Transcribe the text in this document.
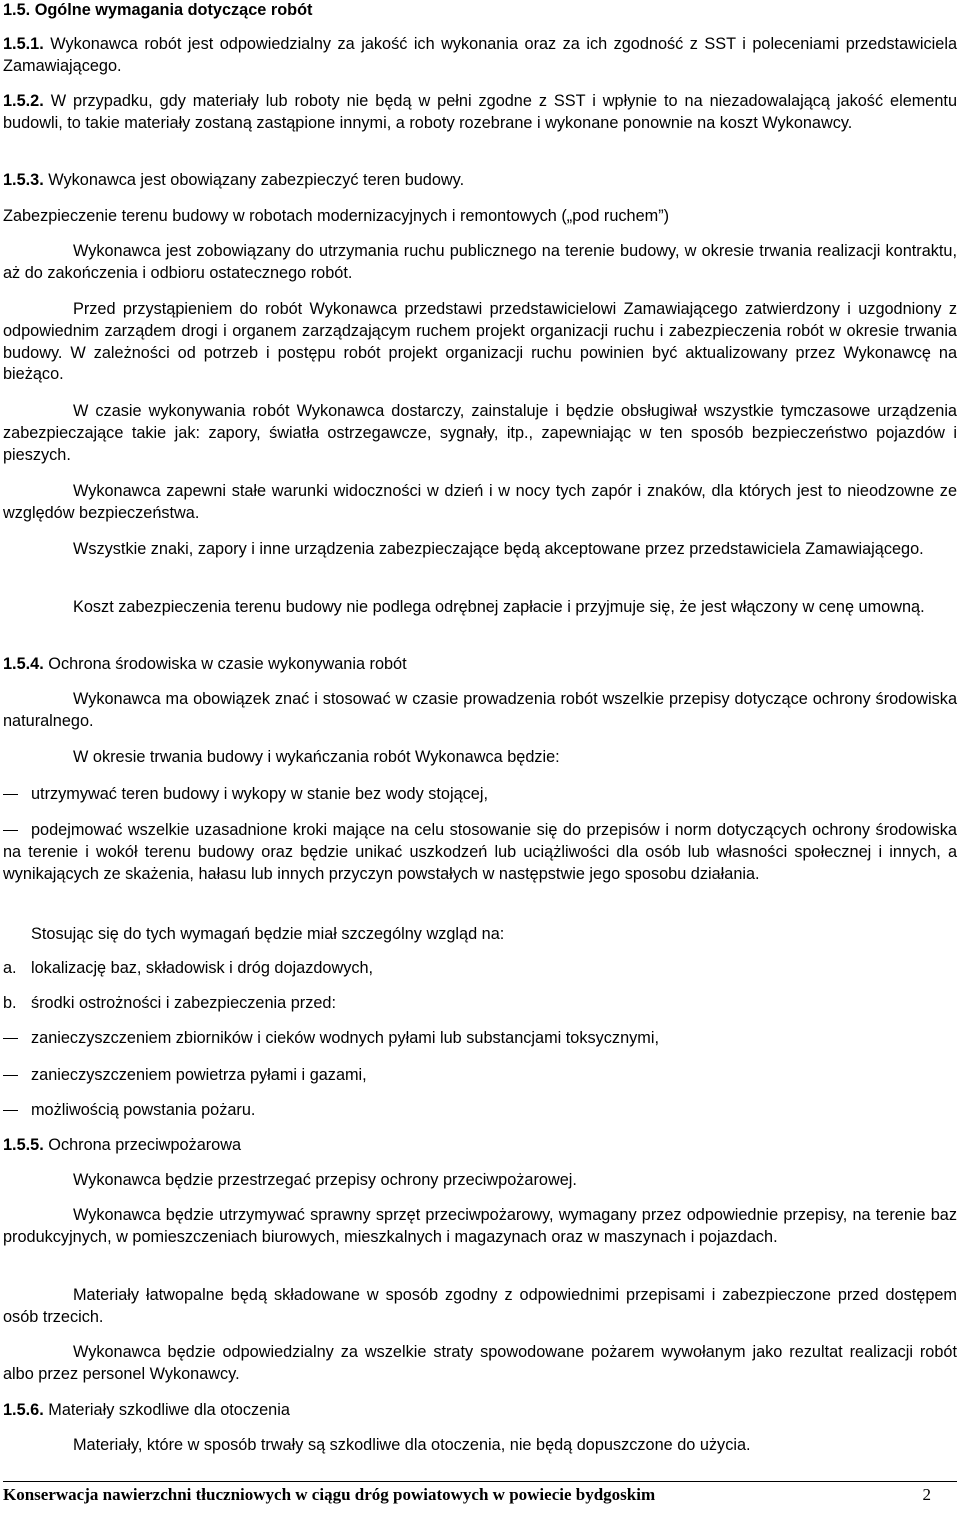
1.5. Ogólne wymagania dotyczące robót

1.5.1. Wykonawca robót jest odpowiedzialny za jakość ich wykonania oraz za ich zgodność z SST i poleceniami przedstawiciela Zamawiającego.

1.5.2. W przypadku, gdy materiały lub roboty nie będą w pełni zgodne z SST i wpłynie to na niezadowalającą jakość elementu budowli, to takie materiały zostaną zastąpione innymi, a roboty rozebrane i wykonane ponownie na koszt Wykonawcy.

1.5.3. Wykonawca jest obowiązany zabezpieczyć teren budowy.

Zabezpieczenie terenu budowy w robotach modernizacyjnych i remontowych („pod ruchem”)

Wykonawca jest zobowiązany do utrzymania ruchu publicznego na terenie budowy, w okresie trwania realizacji kontraktu, aż do zakończenia i odbioru ostatecznego robót.

Przed przystąpieniem do robót Wykonawca przedstawi przedstawicielowi Zamawiającego zatwierdzony i uzgodniony z odpowiednim zarządem drogi i organem zarządzającym ruchem projekt organizacji ruchu i zabezpieczenia robót w okresie trwania budowy. W zależności od potrzeb i postępu robót projekt organizacji ruchu powinien być aktualizowany przez Wykonawcę na bieżąco.

W czasie wykonywania robót Wykonawca dostarczy, zainstaluje i będzie obsługiwał wszystkie tymczasowe urządzenia zabezpieczające takie jak: zapory, światła ostrzegawcze, sygnały, itp., zapewniając w ten sposób bezpieczeństwo pojazdów i pieszych.

Wykonawca zapewni stałe warunki widoczności w dzień i w nocy tych zapór i znaków, dla których jest to nieodzowne ze względów bezpieczeństwa.

Wszystkie znaki, zapory i inne urządzenia zabezpieczające będą akceptowane przez przedstawiciela Zamawiającego.

Koszt zabezpieczenia terenu budowy nie podlega odrębnej zapłacie i przyjmuje się, że jest włączony w cenę umowną.

1.5.4. Ochrona środowiska w czasie wykonywania robót

Wykonawca ma obowiązek znać i stosować w czasie prowadzenia robót wszelkie przepisy dotyczące ochrony środowiska naturalnego.

W okresie trwania budowy i wykańczania robót Wykonawca będzie:

utrzymywać teren budowy i wykopy w stanie bez wody stojącej,
podejmować wszelkie uzasadnione kroki mające na celu stosowanie się do przepisów i norm dotyczących ochrony środowiska na terenie i wokół terenu budowy oraz będzie unikać uszkodzeń lub uciążliwości dla osób lub własności społecznej i innych, a wynikających ze skażenia, hałasu lub innych przyczyn powstałych w następstwie jego sposobu działania.

Stosując się do tych wymagań będzie miał szczególny wzgląd na:

a. lokalizację baz, składowisk i dróg dojazdowych,

b. środki ostrożności i zabezpieczenia przed:

zanieczyszczeniem zbiorników i cieków wodnych pyłami lub substancjami toksycznymi,
zanieczyszczeniem powietrza pyłami i gazami,
możliwością powstania pożaru.

1.5.5. Ochrona przeciwpożarowa

Wykonawca będzie przestrzegać przepisy ochrony przeciwpożarowej.

Wykonawca będzie utrzymywać sprawny sprzęt przeciwpożarowy, wymagany przez odpowiednie przepisy, na terenie baz produkcyjnych, w pomieszczeniach biurowych, mieszkalnych i magazynach oraz w maszynach i pojazdach.

Materiały łatwopalne będą składowane w sposób zgodny z odpowiednimi przepisami i zabezpieczone przed dostępem osób trzecich.

Wykonawca będzie odpowiedzialny za wszelkie straty spowodowane pożarem wywołanym jako rezultat realizacji robót albo przez personel Wykonawcy.

1.5.6. Materiały szkodliwe dla otoczenia

Materiały, które w sposób trwały są szkodliwe dla otoczenia, nie będą dopuszczone do użycia.

Konserwacja nawierzchni tłuczniowych w ciągu dróg powiatowych w powiecie bydgoskim	2
